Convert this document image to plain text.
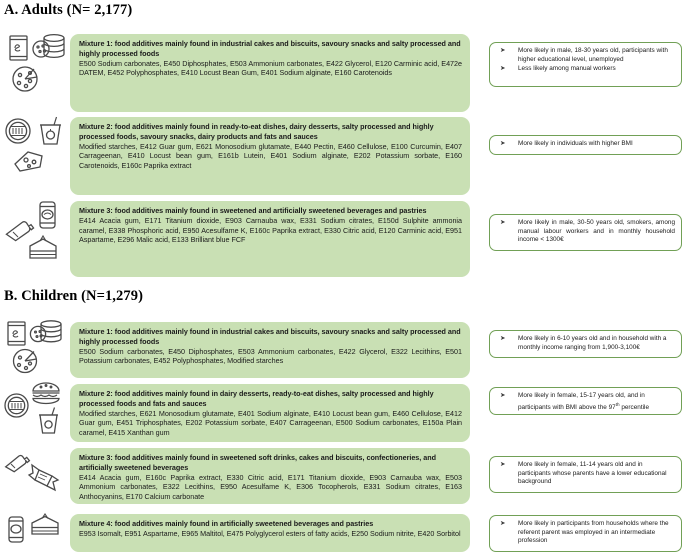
A. Adults (N= 2,177)
B. Children (N=1,279)

Mixture 1: food additives mainly found in industrial cakes and biscuits, savoury snacks and salty processed and highly processed foods

E500 Sodium carbonates, E450 Diphosphates, E503 Ammonium carbonates, E422 Glycerol, E120 Carminic acid, E472e DATEM, E452 Polyphosphates, E410 Locust Bean Gum, E401 Sodium alginate, E160 Carotenoids

➤ More likely in male, 18-30 years old, participants with higher educational level, unemployed
➤ Less likely among manual workers

Mixture 2: food additives mainly found in ready-to-eat dishes, dairy desserts, salty processed and highly processed foods, savoury snacks, dairy products and fats and sauces

Modified starches, E412 Guar gum, E621 Monosodium glutamate, E440 Pectin, E460 Cellulose, E100 Curcumin, E407 Carrageenan, E410 Locust bean gum, E161b Lutein, E401 Sodium alginate, E202 Potassium sorbate, E160 Carotenoids, E160c Paprika extract

➤ More likely in individuals with higher BMI

Mixture 3: food additives mainly found in sweetened and artificially sweetened beverages and pastries

E414 Acacia gum, E171 Titanium dioxide, E903 Carnauba wax, E331 Sodium citrates, E150d Sulphite ammonia caramel, E338 Phosphoric acid, E950 Acesulfame K, E160c Paprika extract, E330 Citric acid, E120 Carminic acid, E951 Aspartame, E296 Malic acid, E133 Brilliant blue FCF

➤ More likely in male, 30-50 years old, smokers, among manual labour workers and in monthly household income < 1300€

Mixture 1: food additives mainly found in industrial cakes and biscuits, savoury snacks and salty processed and highly processed foods

E500 Sodium carbonates, E450 Diphosphates, E503 Ammonium carbonates, E422 Glycerol, E322 Lecithins, E501 Potassium carbonates, E452 Polyphosphates, Modified starches

➤ More likely in 6-10 years old and in household with a monthly income ranging from 1,900-3,100€

Mixture 2: food additives mainly found in dairy desserts, ready-to-eat dishes, salty processed and highly processed foods and fats and sauces

Modified starches, E621 Monosodium glutamate, E401 Sodium alginate, E410 Locust bean gum, E460 Cellulose, E412 Guar gum, E451 Triphosphates, E202 Potassium sorbate, E407 Carrageenan, E500 Sodium carbonates, E150a Plain caramel, E415 Xanthan gum

➤ More likely in female, 15-17 years old, and in participants with BMI above the 97th percentile

Mixture 3: food additives mainly found in sweetened soft drinks, cakes and biscuits, confectioneries, and artificially sweetened beverages

E414 Acacia gum, E160c Paprika extract, E330 Citric acid, E171 Titanium dioxide, E903 Carnauba wax, E503 Ammonium carbonates, E322 Lecithins, E950 Acesulfame K, E306 Tocopherols, E331 Sodium citrates, E163 Anthocyanins, E170 Calcium carbonate

➤ More likely in female, 11-14 years old and in participants whose parents have a lower educational background

Mixture 4: food additives mainly found in artificially sweetened beverages and pastries

E953 Isomalt, E951 Aspartame, E965 Maltitol, E475 Polyglycerol esters of fatty acids, E250 Sodium nitrite, E420 Sorbitol

➤ More likely in participants from households where the referent parent was employed in an intermediate profession
